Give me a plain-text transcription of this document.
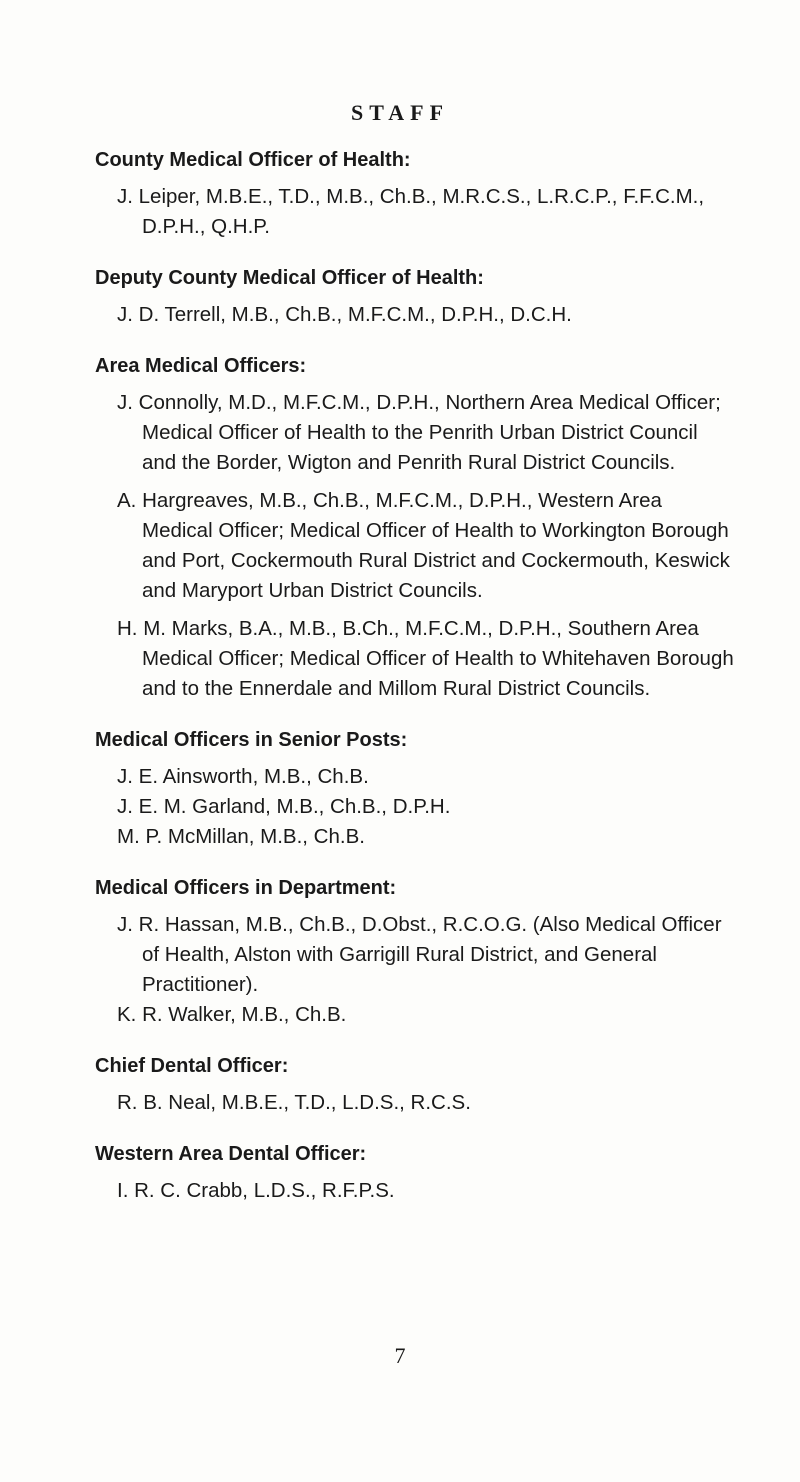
STAFF
County Medical Officer of Health:

J. Leiper, M.B.E., T.D., M.B., Ch.B., M.R.C.S., L.R.C.P., F.F.C.M., D.P.H., Q.H.P.

Deputy County Medical Officer of Health:

J. D. Terrell, M.B., Ch.B., M.F.C.M., D.P.H., D.C.H.

Area Medical Officers:

J. Connolly, M.D., M.F.C.M., D.P.H., Northern Area Medical Officer; Medical Officer of Health to the Penrith Urban District Council and the Border, Wigton and Penrith Rural District Councils.

A. Hargreaves, M.B., Ch.B., M.F.C.M., D.P.H., Western Area Medical Officer; Medical Officer of Health to Workington Borough and Port, Cockermouth Rural District and Cockermouth, Keswick and Maryport Urban District Councils.

H. M. Marks, B.A., M.B., B.Ch., M.F.C.M., D.P.H., Southern Area Medical Officer; Medical Officer of Health to Whitehaven Borough and to the Ennerdale and Millom Rural District Councils.

Medical Officers in Senior Posts:

J. E. Ainsworth, M.B., Ch.B.

J. E. M. Garland, M.B., Ch.B., D.P.H.

M. P. McMillan, M.B., Ch.B.

Medical Officers in Department:

J. R. Hassan, M.B., Ch.B., D.Obst., R.C.O.G. (Also Medical Officer of Health, Alston with Garrigill Rural District, and General Practitioner).

K. R. Walker, M.B., Ch.B.

Chief Dental Officer:

R. B. Neal, M.B.E., T.D., L.D.S., R.C.S.

Western Area Dental Officer:

I. R. C. Crabb, L.D.S., R.F.P.S.

7
